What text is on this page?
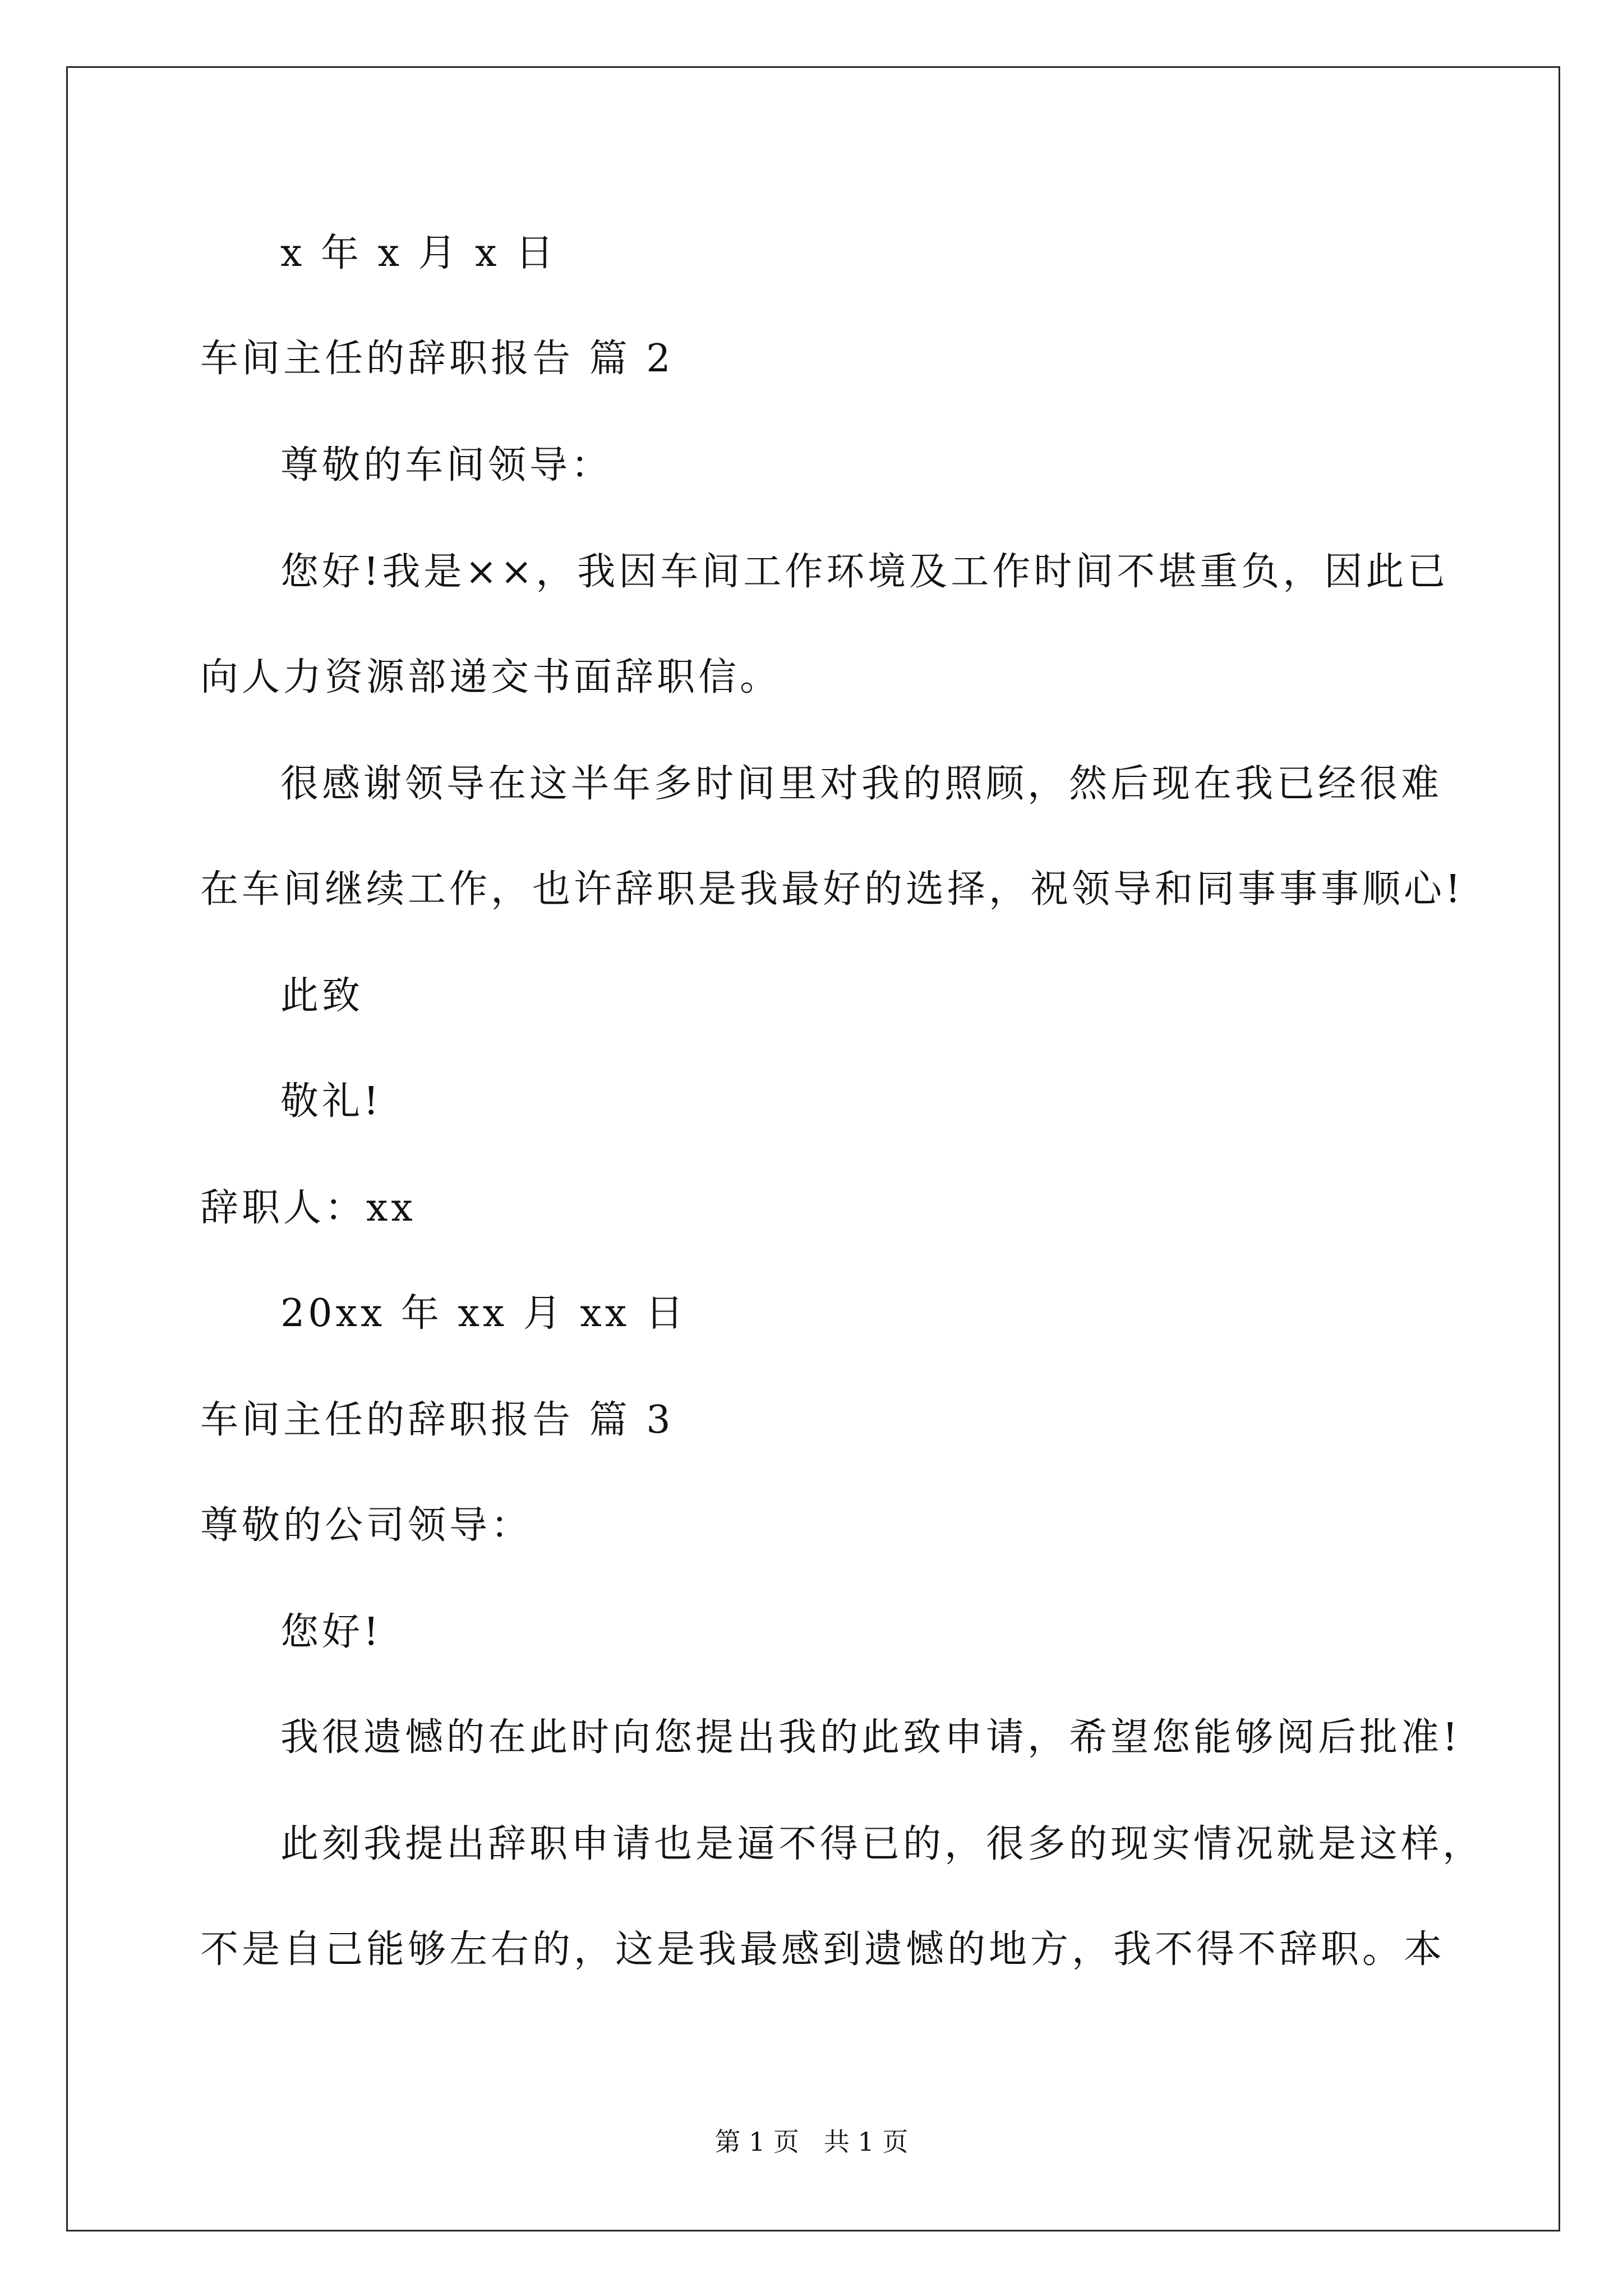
x 年 x 月 x 日
车间主任的辞职报告 篇 2
尊敬的车间领导：
您好!我是××，我因车间工作环境及工作时间不堪重负，因此已
向人力资源部递交书面辞职信。
很感谢领导在这半年多时间里对我的照顾，然后现在我已经很难
在车间继续工作，也许辞职是我最好的选择，祝领导和同事事事顺心!
此致
敬礼!
辞职人：xx
20xx 年 xx 月 xx 日
车间主任的辞职报告 篇 3
尊敬的公司领导：
您好!
我很遗憾的在此时向您提出我的此致申请，希望您能够阅后批准!
此刻我提出辞职申请也是逼不得已的，很多的现实情况就是这样，
不是自己能够左右的，这是我最感到遗憾的地方，我不得不辞职。本
第 1 页   共 1 页
